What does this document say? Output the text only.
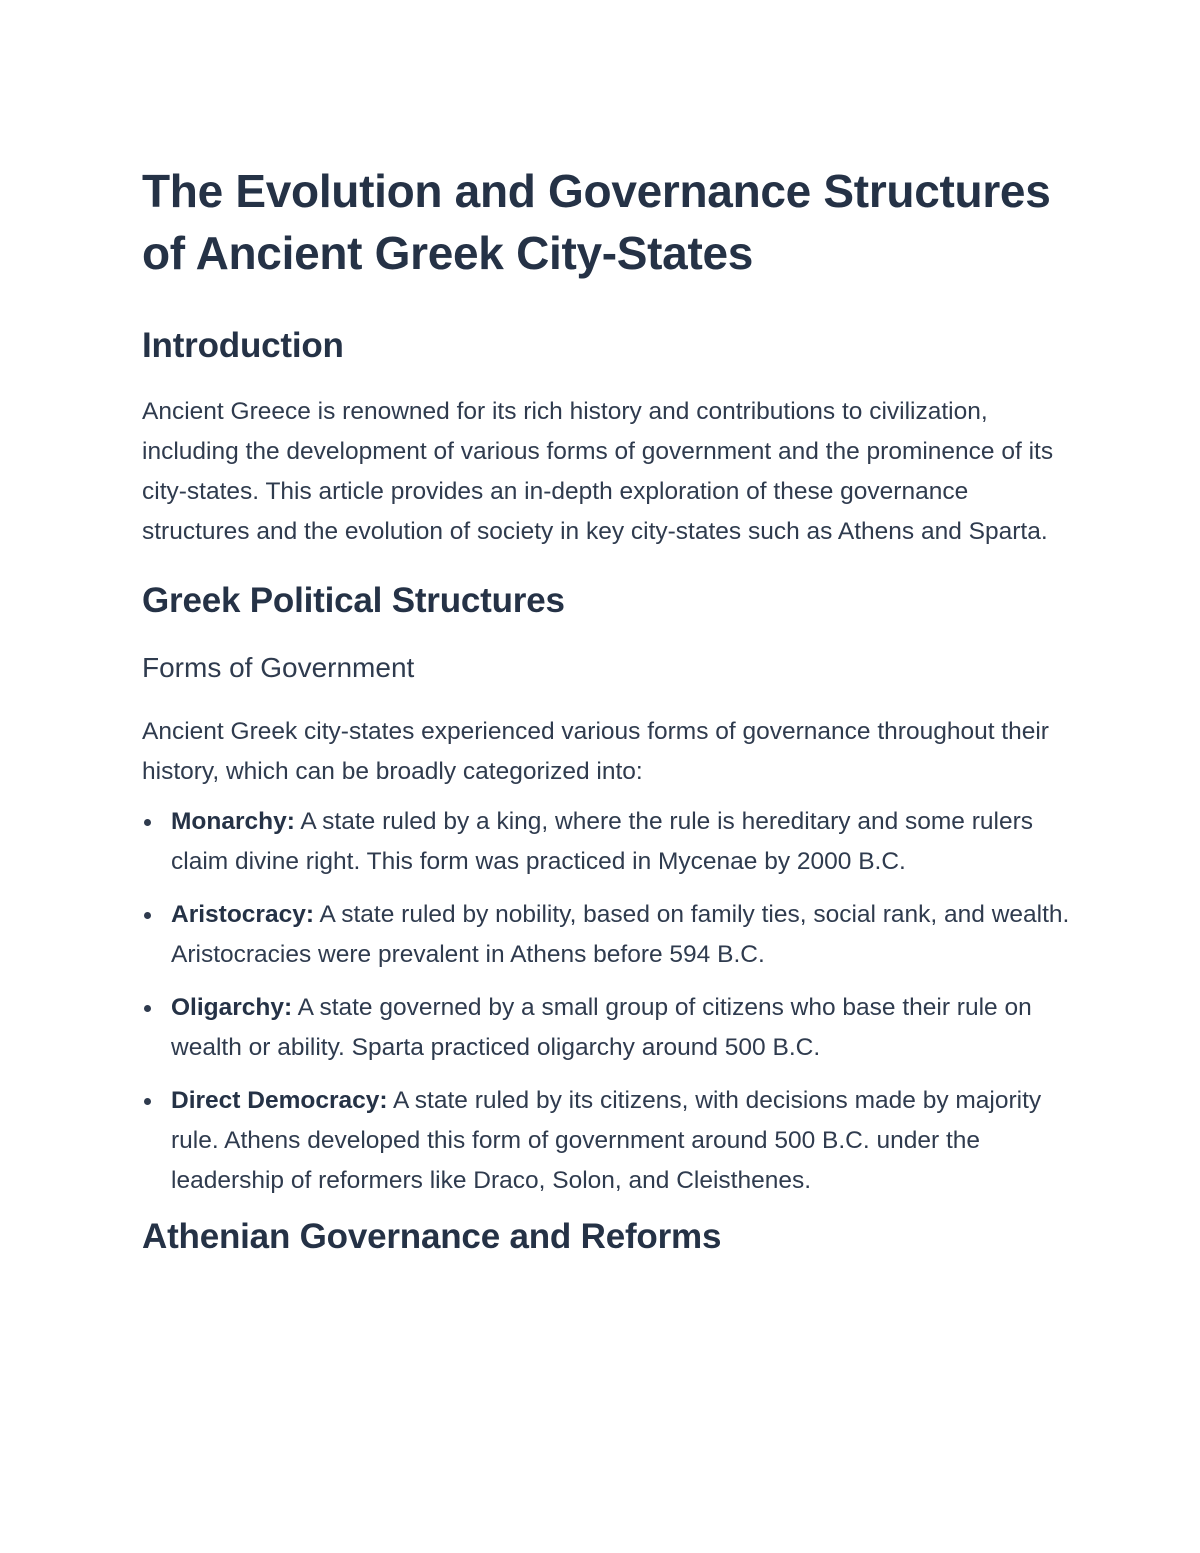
The Evolution and Governance Structures of Ancient Greek City-States
Introduction

Ancient Greece is renowned for its rich history and contributions to civilization, including the development of various forms of government and the prominence of its city-states. This article provides an in-depth exploration of these governance structures and the evolution of society in key city-states such as Athens and Sparta.

Greek Political Structures
Forms of Government

Ancient Greek city-states experienced various forms of governance throughout their history, which can be broadly categorized into:

Monarchy: A state ruled by a king, where the rule is hereditary and some rulers claim divine right. This form was practiced in Mycenae by 2000 B.C.
Aristocracy: A state ruled by nobility, based on family ties, social rank, and wealth. Aristocracies were prevalent in Athens before 594 B.C.
Oligarchy: A state governed by a small group of citizens who base their rule on wealth or ability. Sparta practiced oligarchy around 500 B.C.
Direct Democracy: A state ruled by its citizens, with decisions made by majority rule. Athens developed this form of government around 500 B.C. under the leadership of reformers like Draco, Solon, and Cleisthenes.
Athenian Governance and Reforms
